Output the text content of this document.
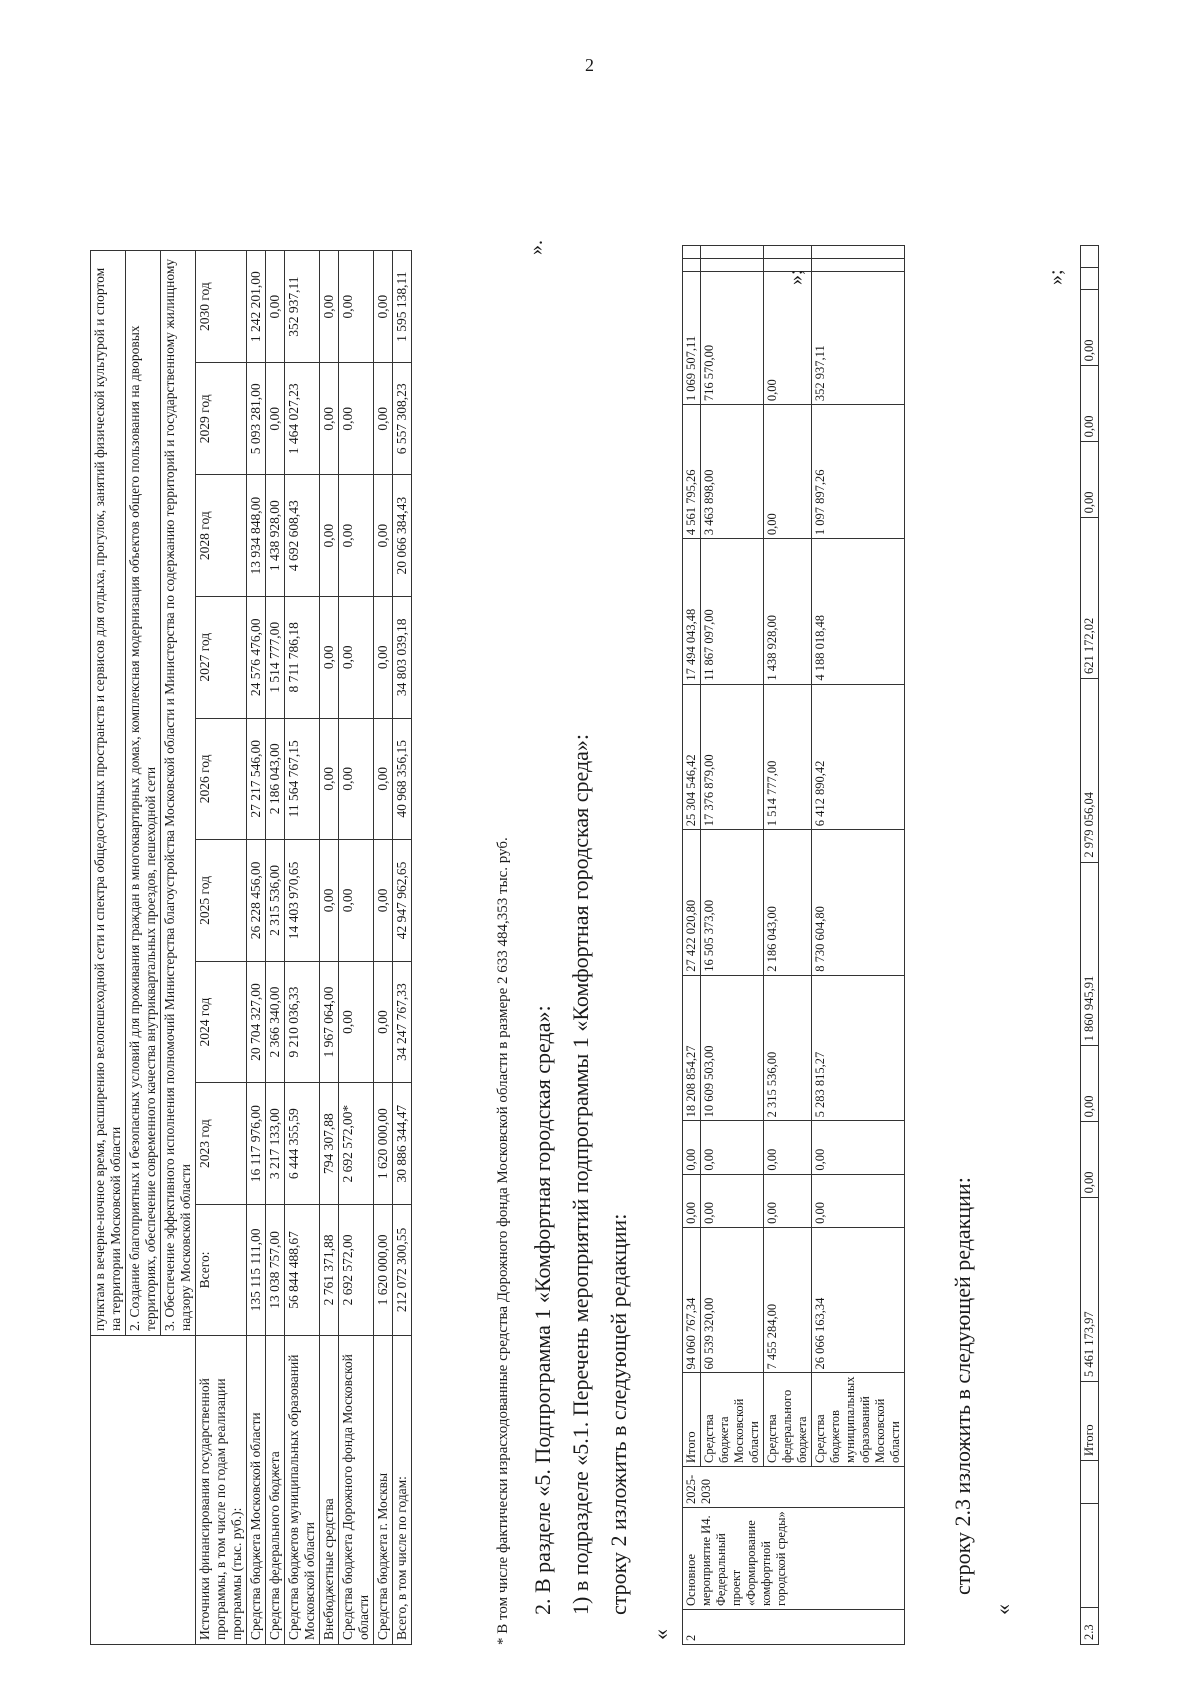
2
	пунктам в вечерне-ночное время, расширению велопешеходной сети и спектра общедоступных пространств и сервисов для отдыха, прогулок, занятий физической культурой и спортом на территории Московской области								
	2. Создание благоприятных и безопасных условий для проживания граждан в многоквартирных домах, комплексная модернизация объектов общего пользования на дворовых территориях, обеспечение современного качества внутриквартальных проездов, пешеходной сети								
	3. Обеспечение эффективного исполнения полномочий Министерства благоустройства Московской области и Министерства по содержанию территорий и государственному жилищному надзору Московской области								
Источники финансирования государственной программы, в том числе по годам реализации программы (тыс. руб.):	Всего:	2023 год	2024 год	2025 год	2026 год	2027 год	2028 год	2029 год	2030 год
Средства бюджета Московской области	135 115 111,00	16 117 976,00	20 704 327,00	26 228 456,00	27 217 546,00	24 576 476,00	13 934 848,00	5 093 281,00	1 242 201,00
Средства федерального бюджета	13 038 757,00	3 217 133,00	2 366 340,00	2 315 536,00	2 186 043,00	1 514 777,00	1 438 928,00	0,00	0,00
Средства бюджетов муниципальных образований Московской области	56 844 488,67	6 444 355,59	9 210 036,33	14 403 970,65	11 564 767,15	8 711 786,18	4 692 608,43	1 464 027,23	352 937,11
Внебюджетные средства	2 761 371,88	794 307,88	1 967 064,00	0,00	0,00	0,00	0,00	0,00	0,00
Средства бюджета Дорожного фонда Московской области	2 692 572,00	2 692 572,00*	0,00	0,00	0,00	0,00	0,00	0,00	0,00
Средства бюджета г. Москвы	1 620 000,00	1 620 000,00	0,00	0,00	0,00	0,00	0,00	0,00	0,00
Всего, в том числе по годам:	212 072 300,55	30 886 344,47	34 247 767,33	42 947 962,65	40 968 356,15	34 803 039,18	20 066 384,43	6 557 308,23	1 595 138,11
* В том числе фактически израсходованные средства Дорожного фонда Московской области в размере 2 633 484,353 тыс. руб.
».
2. В разделе «5. Подпрограмма 1 «Комфортная городская среда»: 1) в подразделе «5.1. Перечень мероприятий подпрограммы 1 «Комфортная городская среда»: строку 2 изложить в следующей редакции:
« 2	Основное мероприятие И4. Федеральный проект «Формирование комфортной городской среды»	2025-2030	Итого	94 060 767,34	0,00	0,00	18 208 854,27	27 422 020,80	25 304 546,42	17 494 043,48	4 561 795,26	1 069 507,11		
			Средства бюджета Московской области	60 539 320,00	0,00	0,00	10 609 503,00	16 505 373,00	17 376 879,00	11 867 097,00	3 463 898,00	716 570,00		
			Средства федерального бюджета	7 455 284,00	0,00	0,00	2 315 536,00	2 186 043,00	1 514 777,00	1 438 928,00	0,00	0,00		
			Средства бюджетов муниципальных образований Московской области	26 066 163,34	0,00	0,00	5 283 815,27	8 730 604,80	6 412 890,42	4 188 018,48	1 097 897,26	352 937,11		
»;
строку 2.3 изложить в следующей редакции:
«
2.3			Итого	5 461 173,97	0,00	0,00	1 860 945,91	2 979 056,04	621 172,02	0,00	0,00	0,00		
»;
